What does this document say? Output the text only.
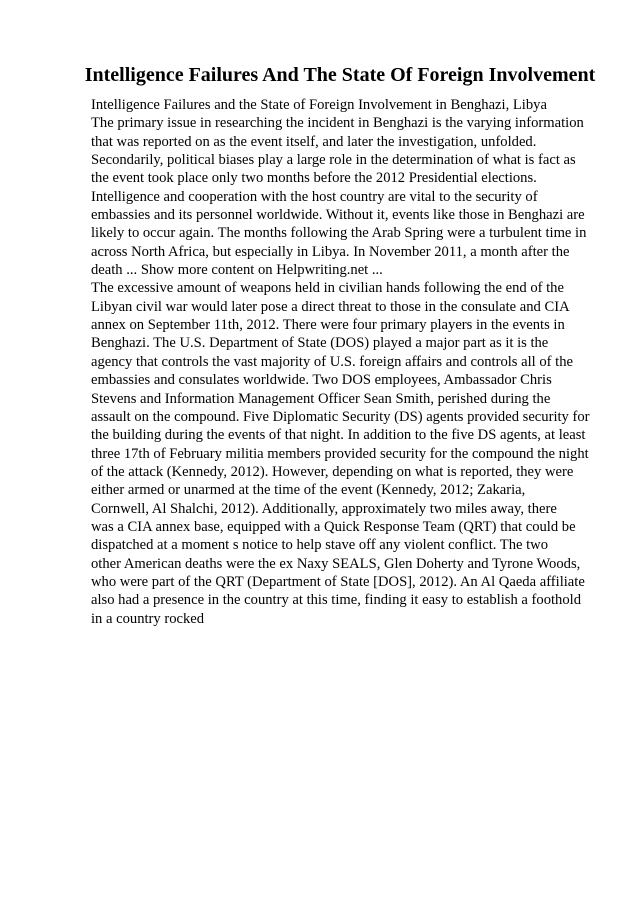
Intelligence Failures And The State Of Foreign Involvement
Intelligence Failures and the State of Foreign Involvement in Benghazi, Libya
The primary issue in researching the incident in Benghazi is the varying information
that was reported on as the event itself, and later the investigation, unfolded.
Secondarily, political biases play a large role in the determination of what is fact as
the event took place only two months before the 2012 Presidential elections.
Intelligence and cooperation with the host country are vital to the security of
embassies and its personnel worldwide. Without it, events like those in Benghazi are
likely to occur again. The months following the Arab Spring were a turbulent time in
across North Africa, but especially in Libya. In November 2011, a month after the
death ... Show more content on Helpwriting.net ...
The excessive amount of weapons held in civilian hands following the end of the
Libyan civil war would later pose a direct threat to those in the consulate and CIA
annex on September 11th, 2012. There were four primary players in the events in
Benghazi. The U.S. Department of State (DOS) played a major part as it is the
agency that controls the vast majority of U.S. foreign affairs and controls all of the
embassies and consulates worldwide. Two DOS employees, Ambassador Chris
Stevens and Information Management Officer Sean Smith, perished during the
assault on the compound. Five Diplomatic Security (DS) agents provided security for
the building during the events of that night. In addition to the five DS agents, at least
three 17th of February militia members provided security for the compound the night
of the attack (Kennedy, 2012). However, depending on what is reported, they were
either armed or unarmed at the time of the event (Kennedy, 2012; Zakaria,
Cornwell, Al Shalchi, 2012). Additionally, approximately two miles away, there
was a CIA annex base, equipped with a Quick Response Team (QRT) that could be
dispatched at a moment s notice to help stave off any violent conflict. The two
other American deaths were the ex Naxy SEALS, Glen Doherty and Tyrone Woods,
who were part of the QRT (Department of State [DOS], 2012). An Al Qaeda affiliate
also had a presence in the country at this time, finding it easy to establish a foothold
in a country rocked
